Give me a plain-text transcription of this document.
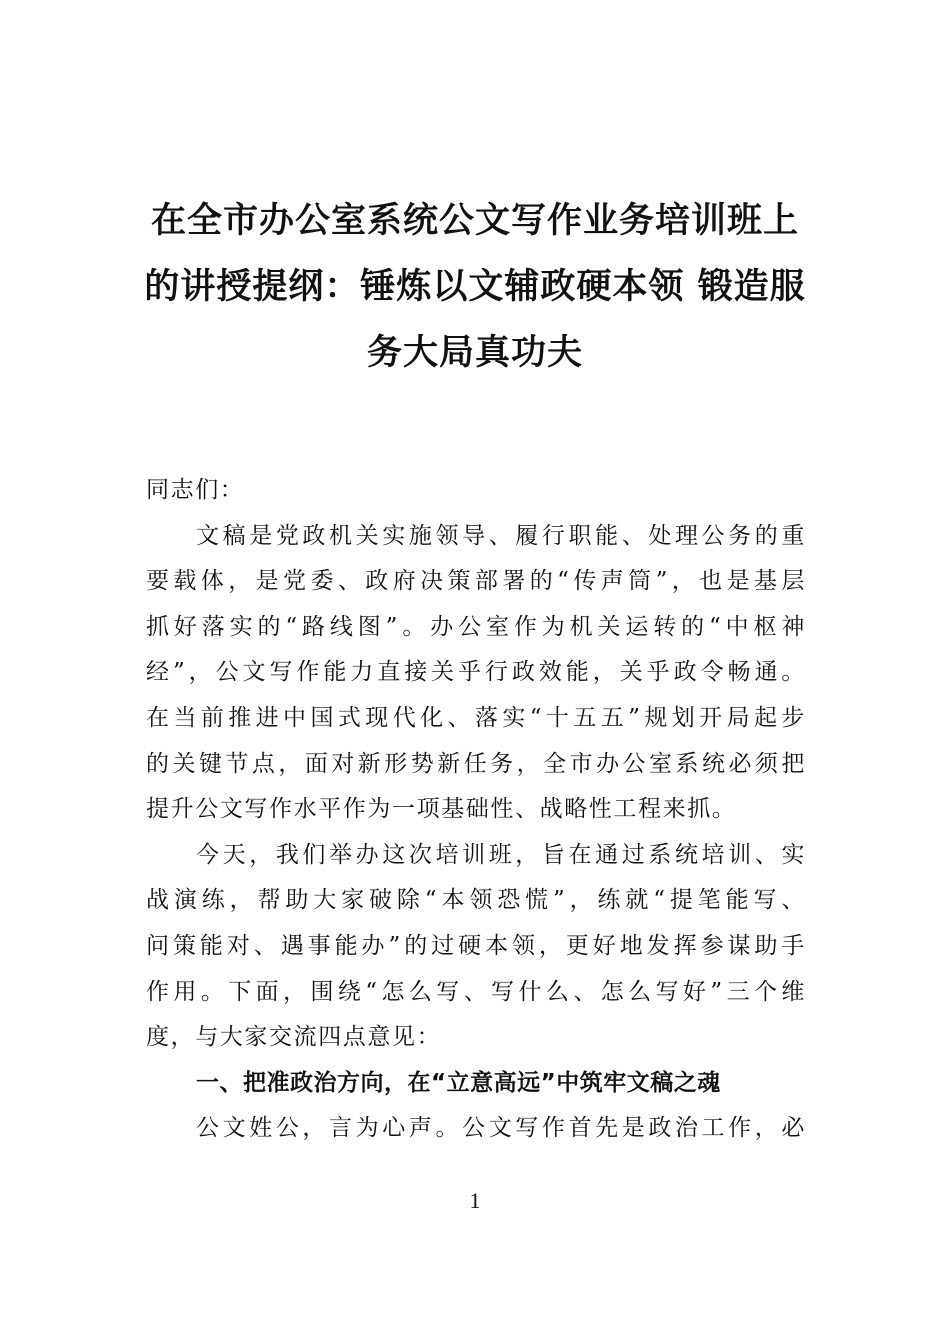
在全市办公室系统公文写作业务培训班上
的讲授提纲：锤炼以文辅政硬本领 锻造服
务大局真功夫
同志们：
文稿是党政机关实施领导、履行职能、处理公务的重
要载体，是党委、政府决策部署的“传声筒”，也是基层
抓好落实的“路线图”。办公室作为机关运转的“中枢神
经”，公文写作能力直接关乎行政效能，关乎政令畅通。
在当前推进中国式现代化、落实“十五五”规划开局起步
的关键节点，面对新形势新任务，全市办公室系统必须把
提升公文写作水平作为一项基础性、战略性工程来抓。
今天，我们举办这次培训班，旨在通过系统培训、实
战演练，帮助大家破除“本领恐慌”，练就“提笔能写、
问策能对、遇事能办”的过硬本领，更好地发挥参谋助手
作用。下面，围绕“怎么写、写什么、怎么写好”三个维
度，与大家交流四点意见：
一、把准政治方向，在“立意高远”中筑牢文稿之魂
公文姓公，言为心声。公文写作首先是政治工作，必
1
